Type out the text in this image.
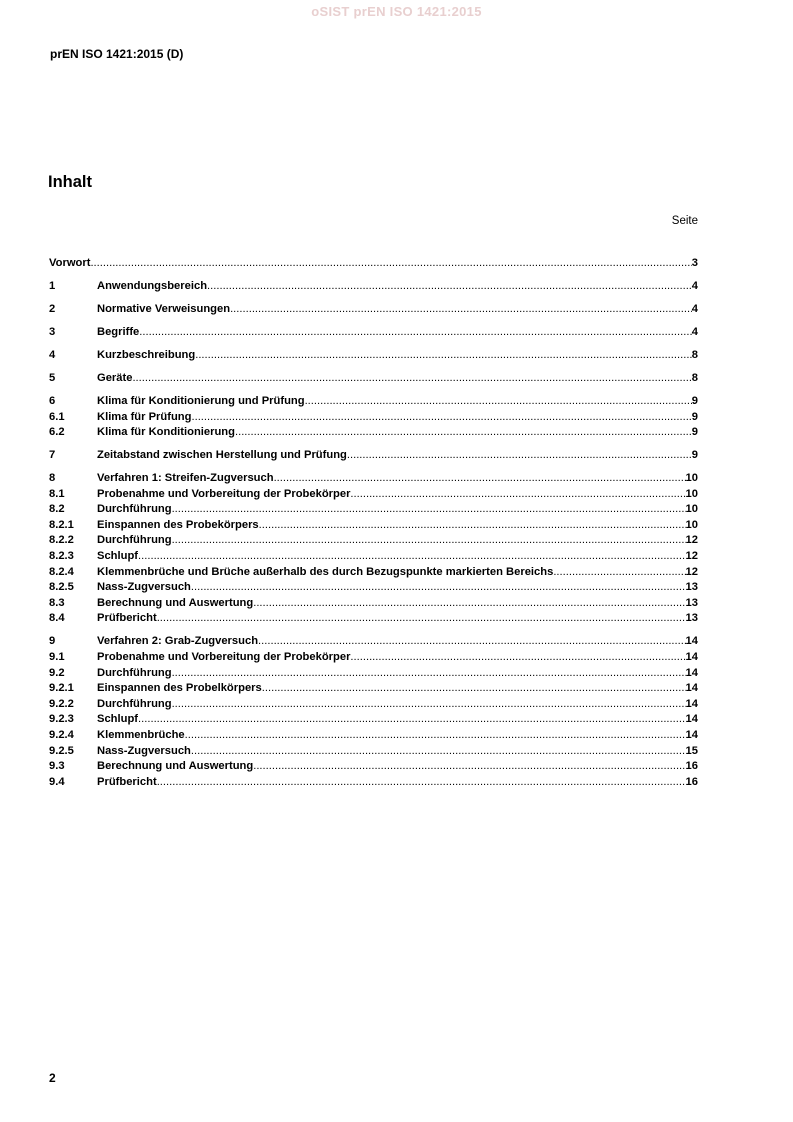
oSIST prEN ISO 1421:2015
prEN ISO 1421:2015 (D)
Inhalt
Seite
Vorwort .....	3
1	Anwendungsbereich .....	4
2	Normative Verweisungen .....	4
3	Begriffe .....	4
4	Kurzbeschreibung .....	8
5	Geräte .....	8
6	Klima für Konditionierung und Prüfung .....	9
6.1	Klima für Prüfung .....	9
6.2	Klima für Konditionierung .....	9
7	Zeitabstand zwischen Herstellung und Prüfung .....	9
8	Verfahren 1: Streifen-Zugversuch .....	10
8.1	Probenahme und Vorbereitung der Probekörper .....	10
8.2	Durchführung .....	10
8.2.1	Einspannen des Probekörpers .....	10
8.2.2	Durchführung .....	12
8.2.3	Schlupf .....	12
8.2.4	Klemmenbrüche und Brüche außerhalb des durch Bezugspunkte markierten Bereichs .....	12
8.2.5	Nass-Zugversuch .....	13
8.3	Berechnung und Auswertung .....	13
8.4	Prüfbericht .....	13
9	Verfahren 2: Grab-Zugversuch .....	14
9.1	Probenahme und Vorbereitung der Probekörper .....	14
9.2	Durchführung .....	14
9.2.1	Einspannen des Probelkörpers .....	14
9.2.2	Durchführung .....	14
9.2.3	Schlupf .....	14
9.2.4	Klemmenbrüche .....	14
9.2.5	Nass-Zugversuch .....	15
9.3	Berechnung und Auswertung .....	16
9.4	Prüfbericht .....	16
2
